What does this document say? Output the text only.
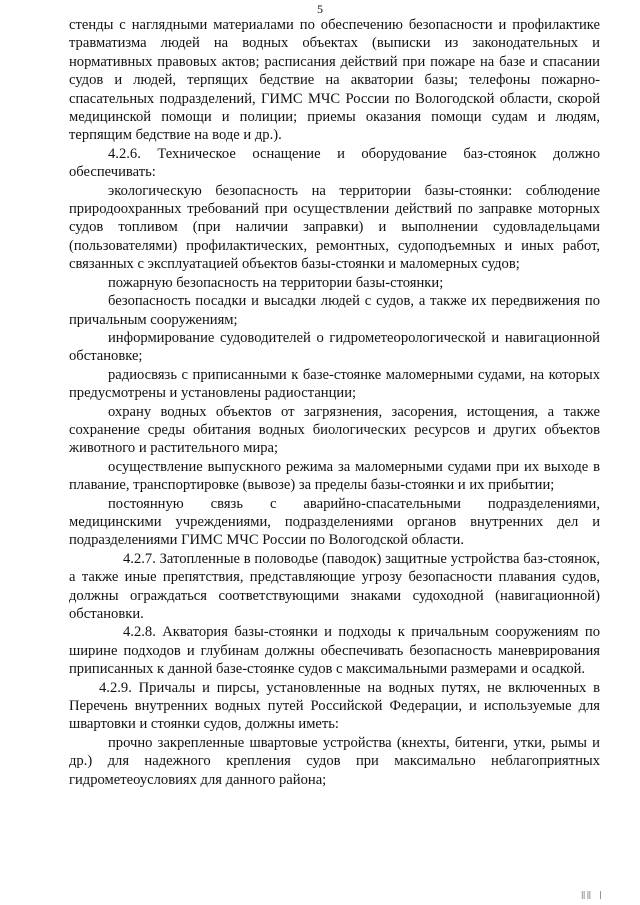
5

стенды с наглядными материалами по обеспечению безопасности и профилактике травматизма людей на водных объектах (выписки из законодательных и нормативных правовых актов; расписания действий при пожаре на базе и спасании судов и людей, терпящих бедствие на акватории базы; телефоны пожарно-спасательных подразделений, ГИМС МЧС России по Вологодской области, скорой медицинской помощи и полиции; приемы оказания помощи судам и людям, терпящим бедствие на воде и др.).

4.2.6. Техническое оснащение и оборудование баз-стоянок должно обеспечивать:

экологическую безопасность на территории базы-стоянки: соблюдение природоохранных требований при осуществлении действий по заправке моторных судов топливом (при наличии заправки) и выполнении судовладельцами (пользователями) профилактических, ремонтных, судоподъемных и иных работ, связанных с эксплуатацией объектов базы-стоянки и маломерных судов;

пожарную безопасность на территории базы-стоянки;

безопасность посадки и высадки людей с судов, а также их передвижения по причальным сооружениям;

информирование судоводителей о гидрометеорологической и навигационной обстановке;

радиосвязь с приписанными к базе-стоянке маломерными судами, на которых предусмотрены и установлены радиостанции;

охрану водных объектов от загрязнения, засорения, истощения, а также сохранение среды обитания водных биологических ресурсов и других объектов животного и растительного мира;

осуществление выпускного режима за маломерными судами при их выходе в плавание, транспортировке (вывозе) за пределы базы-стоянки и их прибытии;

постоянную связь с аварийно-спасательными подразделениями, медицинскими учреждениями, подразделениями органов внутренних дел и подразделениями ГИМС МЧС России по Вологодской области.

4.2.7. Затопленные в половодье (паводок) защитные устройства баз-стоянок, а также иные препятствия, представляющие угрозу безопасности плавания судов, должны ограждаться соответствующими знаками судоходной (навигационной) обстановки.

4.2.8. Акватория базы-стоянки и подходы к причальным сооружениям по ширине подходов и глубинам должны обеспечивать безопасность маневрирования приписанных к данной базе-стоянке судов с максимальными размерами и осадкой.

4.2.9. Причалы и пирсы, установленные на водных путях, не включенных в Перечень внутренних водных путей Российской Федерации, и используемые для швартовки и стоянки судов, должны иметь:

прочно закрепленные швартовые устройства (кнехты, битенги, утки, рымы и др.) для надежного крепления судов при максимально неблагоприятных гидрометеоусловиях для данного района;

‖‖ |
